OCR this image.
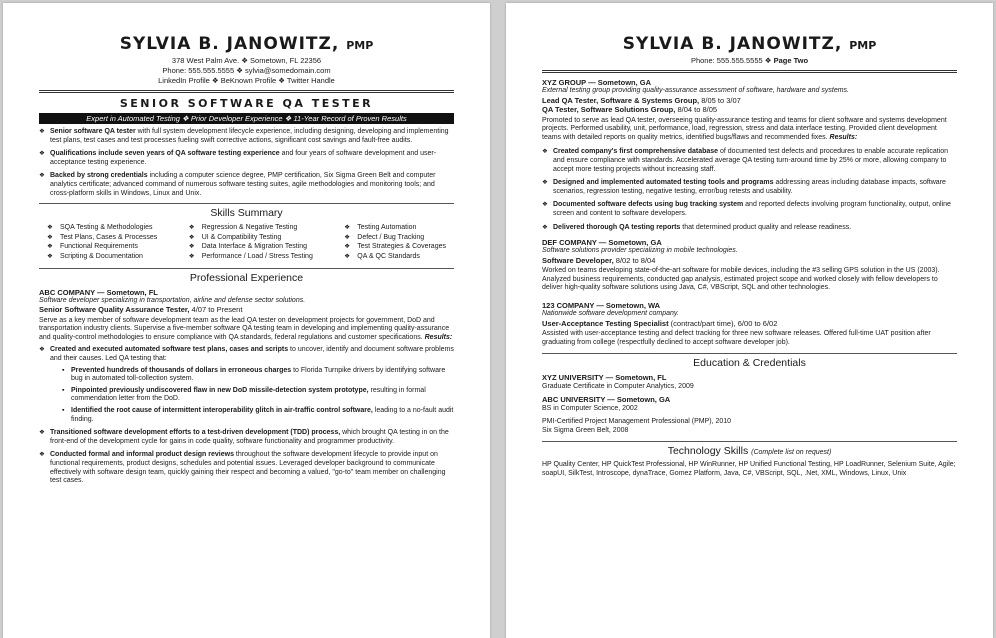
SYLVIA B. JANOWITZ, PMP
378 West Palm Ave. ❖ Sometown, FL 22356
Phone: 555.555.5555 ❖ sylvia@somedomain.com
LinkedIn Profile ❖ BeKnown Profile ❖ Twitter Handle
SENIOR SOFTWARE QA TESTER
Expert in Automated Testing ❖ Prior Developer Experience ❖ 11-Year Record of Proven Results
❖ Senior software QA tester with full system development lifecycle experience, including designing, developing and implementing test plans, test cases and test processes fueling swift corrective actions, significant cost savings and fault-free audits.
❖ Qualifications include seven years of QA software testing experience and four years of software development and user-acceptance testing experience.
❖ Backed by strong credentials including a computer science degree, PMP certification, Six Sigma Green Belt and computer analytics certificate; advanced command of numerous software testing suites, agile methodologies and monitoring tools; and cross-platform skills in Windows, Linux and Unix.
Skills Summary
❖ SQA Testing & Methodologies
❖ Test Plans, Cases & Processes
❖ Functional Requirements
❖ Scripting & Documentation
❖ Regression & Negative Testing
❖ UI & Compatibility Testing
❖ Data Interface & Migration Testing
❖ Performance / Load / Stress Testing
❖ Testing Automation
❖ Defect / Bug Tracking
❖ Test Strategies & Coverages
❖ QA & QC Standards
Professional Experience
ABC COMPANY — Sometown, FL
Software developer specializing in transportation, airline and defense sector solutions.
Senior Software Quality Assurance Tester, 4/07 to Present
Serve as a key member of software development team as the lead QA tester on development projects for government, DoD and transportation industry clients. Supervise a five-member software QA testing team in developing and implementing quality-assurance and quality-control methodologies to ensure compliance with QA standards, federal regulations and customer specifications. Results:
❖ Created and executed automated software test plans, cases and scripts to uncover, identify and document software problems and their causes. Led QA testing that:
▪ Prevented hundreds of thousands of dollars in erroneous charges to Florida Turnpike drivers by identifying software bug in automated toll-collection system.
▪ Pinpointed previously undiscovered flaw in new DoD missile-detection system prototype, resulting in formal commendation letter from the DoD.
▪ Identified the root cause of intermittent interoperability glitch in air-traffic control software, leading to a no-fault audit finding.
❖ Transitioned software development efforts to a test-driven development (TDD) process, which brought QA testing in on the front-end of the development cycle for gains in code quality, software functionality and programmer productivity.
❖ Conducted formal and informal product design reviews throughout the software development lifecycle to provide input on functional requirements, product designs, schedules and potential issues. Leveraged developer background to communicate effectively with software design team, quickly gaining their respect and becoming a valued, "go-to" team member on challenging test cases.
SYLVIA B. JANOWITZ, PMP
Phone: 555.555.5555 ❖ Page Two
XYZ GROUP — Sometown, GA
External testing group providing quality-assurance assessment of software, hardware and systems.
Lead QA Tester, Software & Systems Group, 8/05 to 3/07
QA Tester, Software Solutions Group, 8/04 to 8/05
Promoted to serve as lead QA tester, overseeing quality-assurance testing and teams for client software and systems development projects. Performed usability, unit, performance, load, regression, stress and data interface testing. Provided client development teams with detailed reports on quality metrics, identified bugs/flaws and recommended fixes. Results:
❖ Created company's first comprehensive database of documented test defects and procedures to enable accurate replication and ensure compliance with standards. Accelerated average QA testing turn-around time by 25% or more, allowing company to accept more testing projects without increasing staff.
❖ Designed and implemented automated testing tools and programs addressing areas including database impacts, software scenarios, regression testing, negative testing, error/bug retests and usability.
❖ Documented software defects using bug tracking system and reported defects involving program functionality, output, online screen and content to software developers.
❖ Delivered thorough QA testing reports that determined product quality and release readiness.
DEF COMPANY — Sometown, GA
Software solutions provider specializing in mobile technologies.
Software Developer, 8/02 to 8/04
Worked on teams developing state-of-the-art software for mobile devices, including the #3 selling GPS solution in the US (2003). Analyzed business requirements, conducted gap analysis, estimated project scope and worked closely with fellow developers to deliver high-quality software solutions using Java, C#, VBScript, SQL and other technologies.
123 COMPANY — Sometown, WA
Nationwide software development company.
User-Acceptance Testing Specialist (contract/part time), 6/00 to 6/02
Assisted with user-acceptance testing and defect tracking for three new software releases. Offered full-time UAT position after graduating from college (respectfully declined to accept software developer job).
Education & Credentials
XYZ UNIVERSITY — Sometown, FL
Graduate Certificate in Computer Analytics, 2009
ABC UNIVERSITY — Sometown, GA
BS in Computer Science, 2002
PMI-Certified Project Management Professional (PMP), 2010
Six Sigma Green Belt, 2008
Technology Skills (Complete list on request)
HP Quality Center, HP QuickTest Professional, HP WinRunner, HP Unified Functional Testing, HP LoadRunner, Selenium Suite, Agile; soapUI, SilkTest, Introscope, dynaTrace, Gomez Platform, Java, C#, VBScript, SQL, .Net, XML, Windows, Linux, Unix
